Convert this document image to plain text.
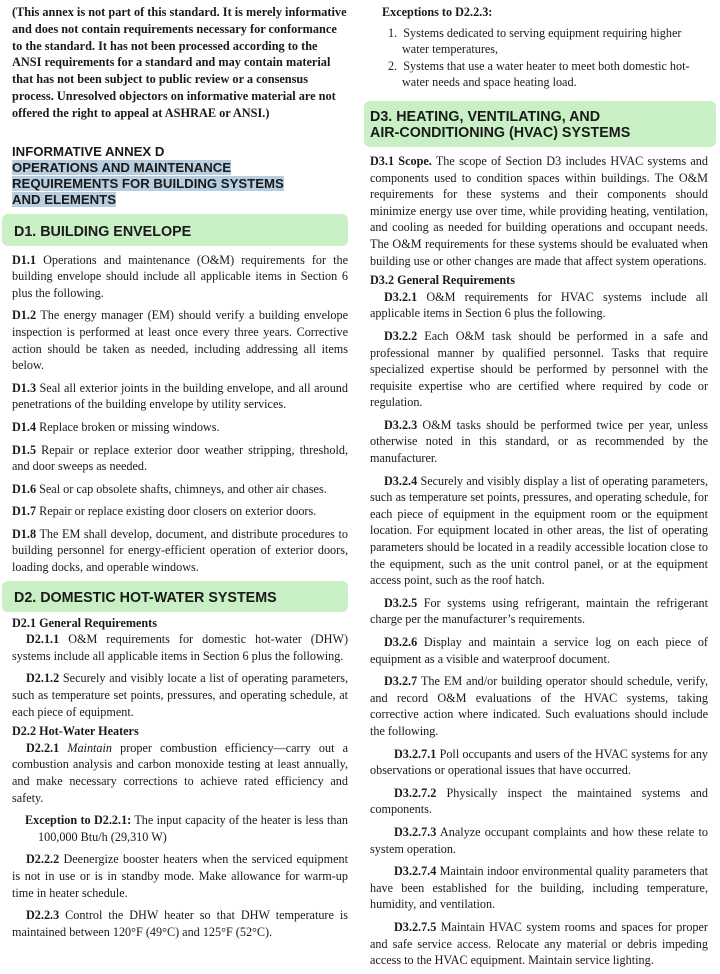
(This annex is not part of this standard. It is merely informative and does not contain requirements necessary for conformance to the standard. It has not been processed according to the ANSI requirements for a standard and may contain material that has not been subject to public review or a consensus process. Unresolved objectors on informative material are not offered the right to appeal at ASHRAE or ANSI.)

INFORMATIVE ANNEX D
OPERATIONS AND MAINTENANCE
REQUIREMENTS FOR BUILDING SYSTEMS
AND ELEMENTS
D1. BUILDING ENVELOPE

D1.1 Operations and maintenance (O&M) requirements for the building envelope should include all applicable items in Section 6 plus the following.

D1.2 The energy manager (EM) should verify a building envelope inspection is performed at least once every three years. Corrective action should be taken as needed, including addressing all items below.

D1.3 Seal all exterior joints in the building envelope, and all around penetrations of the building envelope by utility services.

D1.4 Replace broken or missing windows.

D1.5 Repair or replace exterior door weather stripping, threshold, and door sweeps as needed.

D1.6 Seal or cap obsolete shafts, chimneys, and other air chases.

D1.7 Repair or replace existing door closers on exterior doors.

D1.8 The EM shall develop, document, and distribute procedures to building personnel for energy-efficient operation of exterior doors, loading docks, and operable windows.

D2. DOMESTIC HOT-WATER SYSTEMS

D2.1 General Requirements

D2.1.1 O&M requirements for domestic hot-water (DHW) systems include all applicable items in Section 6 plus the following.

D2.1.2 Securely and visibly locate a list of operating parameters, such as temperature set points, pressures, and operating schedule, at each piece of equipment.

D2.2 Hot-Water Heaters

D2.2.1 Maintain proper combustion efficiency—carry out a combustion analysis and carbon monoxide testing at least annually, and make necessary corrections to achieve rated efficiency and safety.

Exception to D2.2.1: The input capacity of the heater is less than 100,000 Btu/h (29,310 W)

D2.2.2 Deenergize booster heaters when the serviced equipment is not in use or is in standby mode. Make allowance for warm-up time in heater schedule.

D2.2.3 Control the DHW heater so that DHW temperature is maintained between 120°F (49°C) and 125°F (52°C).

Exceptions to D2.2.3:

1. Systems dedicated to serving equipment requiring higher water temperatures,
2. Systems that use a water heater to meet both domestic hot-water needs and space heating load.
D3. HEATING, VENTILATING, AND
AIR-CONDITIONING (HVAC) SYSTEMS

D3.1 Scope. The scope of Section D3 includes HVAC systems and components used to condition spaces within buildings. The O&M requirements for these systems and their components should minimize energy use over time, while providing heating, ventilation, and cooling as needed for building operations and occupant needs. The O&M requirements for these systems should be evaluated when building use or other changes are made that affect system operations.

D3.2 General Requirements

D3.2.1 O&M requirements for HVAC systems include all applicable items in Section 6 plus the following.

D3.2.2 Each O&M task should be performed in a safe and professional manner by qualified personnel. Tasks that require specialized expertise should be performed by personnel with the requisite expertise who are certified where required by code or regulation.

D3.2.3 O&M tasks should be performed twice per year, unless otherwise noted in this standard, or as recommended by the manufacturer.

D3.2.4 Securely and visibly display a list of operating parameters, such as temperature set points, pressures, and operating schedule, for each piece of equipment in the equipment room or the equipment location. For equipment located in other areas, the list of operating parameters should be located in a readily accessible location close to the equipment, such as the unit control panel, or at the equipment access point, such as the roof hatch.

D3.2.5 For systems using refrigerant, maintain the refrigerant charge per the manufacturer’s requirements.

D3.2.6 Display and maintain a service log on each piece of equipment as a visible and waterproof document.

D3.2.7 The EM and/or building operator should schedule, verify, and record O&M evaluations of the HVAC systems, taking corrective action where indicated. Such evaluations should include the following.

D3.2.7.1 Poll occupants and users of the HVAC systems for any observations or operational issues that have occurred.

D3.2.7.2 Physically inspect the maintained systems and components.

D3.2.7.3 Analyze occupant complaints and how these relate to system operation.

D3.2.7.4 Maintain indoor environmental quality parameters that have been established for the building, including temperature, humidity, and ventilation.

D3.2.7.5 Maintain HVAC system rooms and spaces for proper and safe service access. Relocate any material or debris impeding access to the HVAC equipment. Maintain service lighting.
